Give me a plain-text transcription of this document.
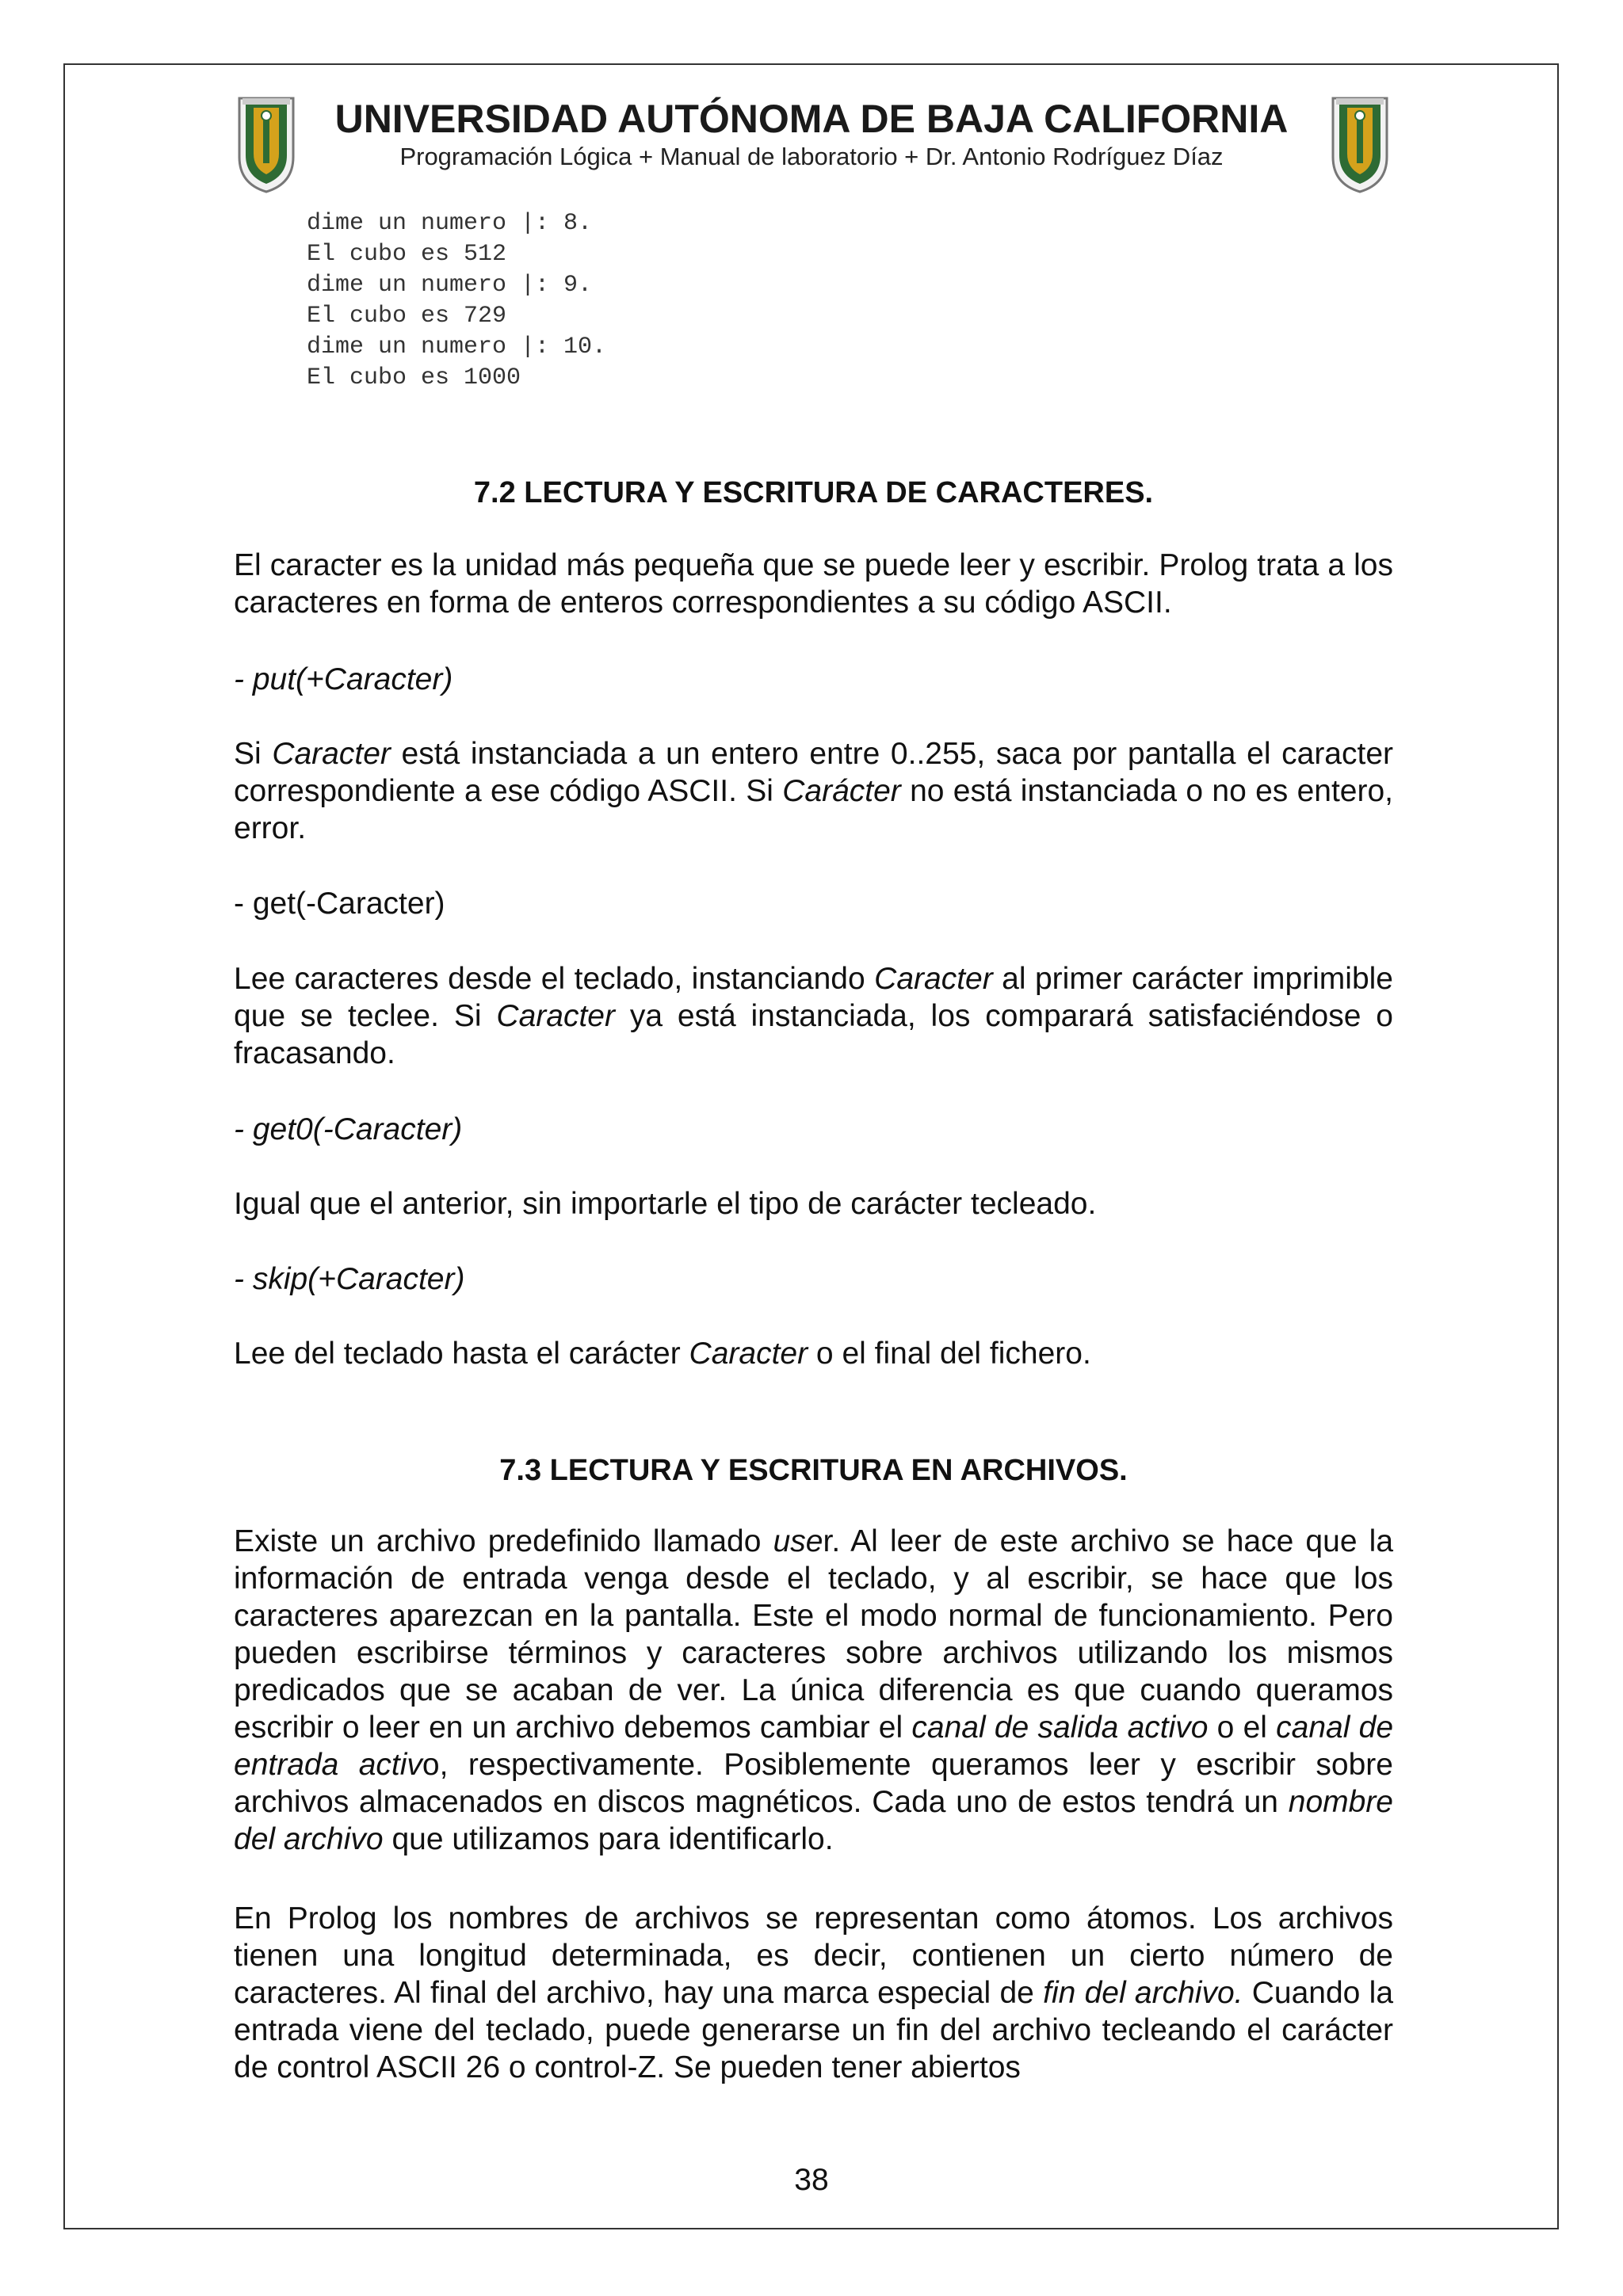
UNIVERSIDAD AUTÓNOMA DE BAJA CALIFORNIA
Programación Lógica + Manual de laboratorio + Dr. Antonio Rodríguez Díaz
dime un numero |: 8.
El cubo es 512
dime un numero |: 9.
El cubo es 729
dime un numero |: 10.
El cubo es 1000
7.2 LECTURA Y ESCRITURA DE CARACTERES.

El caracter es la unidad más pequeña que se puede leer y escribir. Prolog trata a los caracteres en forma de enteros correspondientes a su código ASCII.

- put(+Caracter)

Si Caracter está instanciada a un entero entre 0..255, saca por pantalla el caracter correspondiente a ese código ASCII. Si Carácter no está instanciada o no es entero, error.

- get(-Caracter)

Lee caracteres desde el teclado, instanciando Caracter al primer carácter imprimible que se teclee. Si Caracter ya está instanciada, los comparará satisfaciéndose o fracasando.

- get0(-Caracter)

Igual que el anterior, sin importarle el tipo de carácter tecleado.

- skip(+Caracter)

Lee del teclado hasta el carácter Caracter o el final del fichero.

7.3 LECTURA Y ESCRITURA EN ARCHIVOS.

Existe un archivo predefinido llamado user. Al leer de este archivo se hace que la información de entrada venga desde el teclado, y al escribir, se hace que los caracteres aparezcan en la pantalla. Este el modo normal de funcionamiento. Pero pueden escribirse términos y caracteres sobre archivos utilizando los mismos predicados que se acaban de ver. La única diferencia es que cuando queramos escribir o leer en un archivo debemos cambiar el canal de salida activo o el canal de entrada activo, respectivamente. Posiblemente queramos leer y escribir sobre archivos almacenados en discos magnéticos. Cada uno de estos tendrá un nombre del archivo que utilizamos para identificarlo.

En Prolog los nombres de archivos se representan como átomos. Los archivos tienen una longitud determinada, es decir, contienen un cierto número de caracteres. Al final del archivo, hay una marca especial de fin del archivo. Cuando la entrada viene del teclado, puede generarse un fin del archivo tecleando el carácter de control ASCII 26 o control-Z. Se pueden tener abiertos

38
